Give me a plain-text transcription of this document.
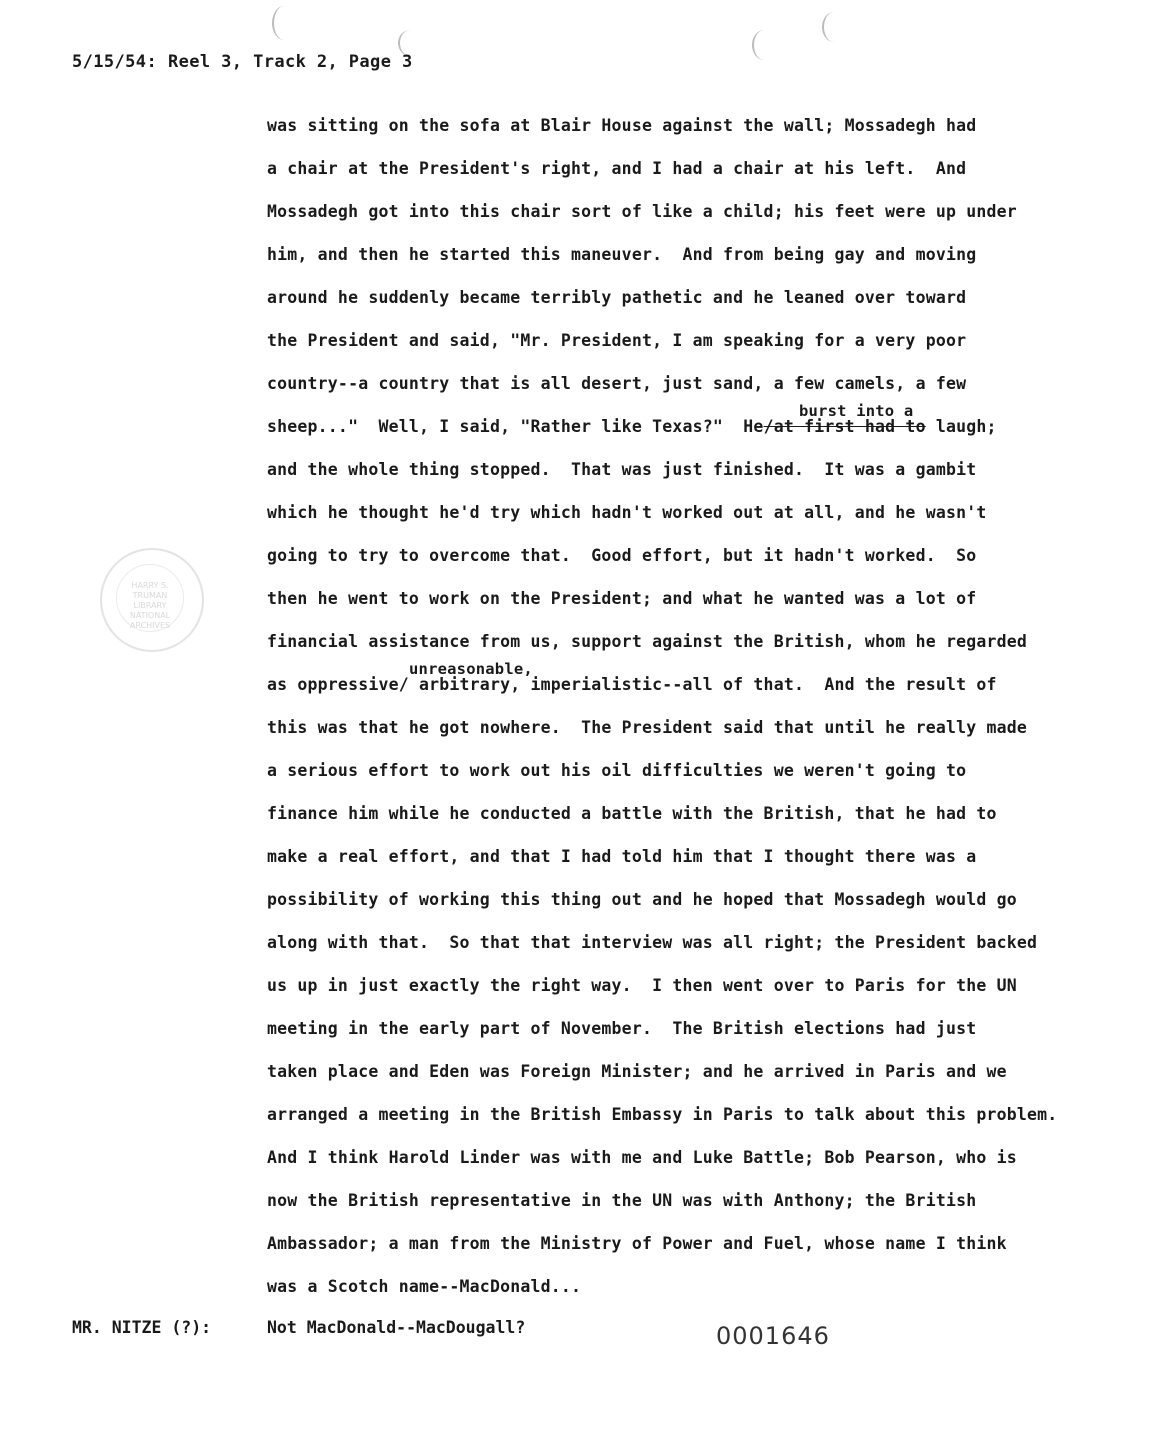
5/15/54: Reel 3, Track 2, Page 3
HARRY S. TRUMAN LIBRARY NATIONAL ARCHIVES
was sitting on the sofa at Blair House against the wall; Mossadegh had
a chair at the President's right, and I had a chair at his left.  And
Mossadegh got into this chair sort of like a child; his feet were up under
him, and then he started this maneuver.  And from being gay and moving
around he suddenly became terribly pathetic and he leaned over toward
the President and said, "Mr. President, I am speaking for a very poor
country--a country that is all desert, just sand, a few camels, a few
sheep..."  Well, I said, "Rather like Texas?"  He/at first had to laugh;
burst into a
and the whole thing stopped.  That was just finished.  It was a gambit
which he thought he'd try which hadn't worked out at all, and he wasn't
going to try to overcome that.  Good effort, but it hadn't worked.  So
then he went to work on the President; and what he wanted was a lot of
financial assistance from us, support against the British, whom he regarded
as oppressive/ arbitrary, imperialistic--all of that.  And the result of
unreasonable,
this was that he got nowhere.  The President said that until he really made
a serious effort to work out his oil difficulties we weren't going to
finance him while he conducted a battle with the British, that he had to
make a real effort, and that I had told him that I thought there was a
possibility of working this thing out and he hoped that Mossadegh would go
along with that.  So that that interview was all right; the President backed
us up in just exactly the right way.  I then went over to Paris for the UN
meeting in the early part of November.  The British elections had just
taken place and Eden was Foreign Minister; and he arrived in Paris and we
arranged a meeting in the British Embassy in Paris to talk about this problem.
And I think Harold Linder was with me and Luke Battle; Bob Pearson, who is
now the British representative in the UN was with Anthony; the British
Ambassador; a man from the Ministry of Power and Fuel, whose name I think
was a Scotch name--MacDonald...
MR. NITZE (?):	Not MacDonald--MacDougall?	0001646
